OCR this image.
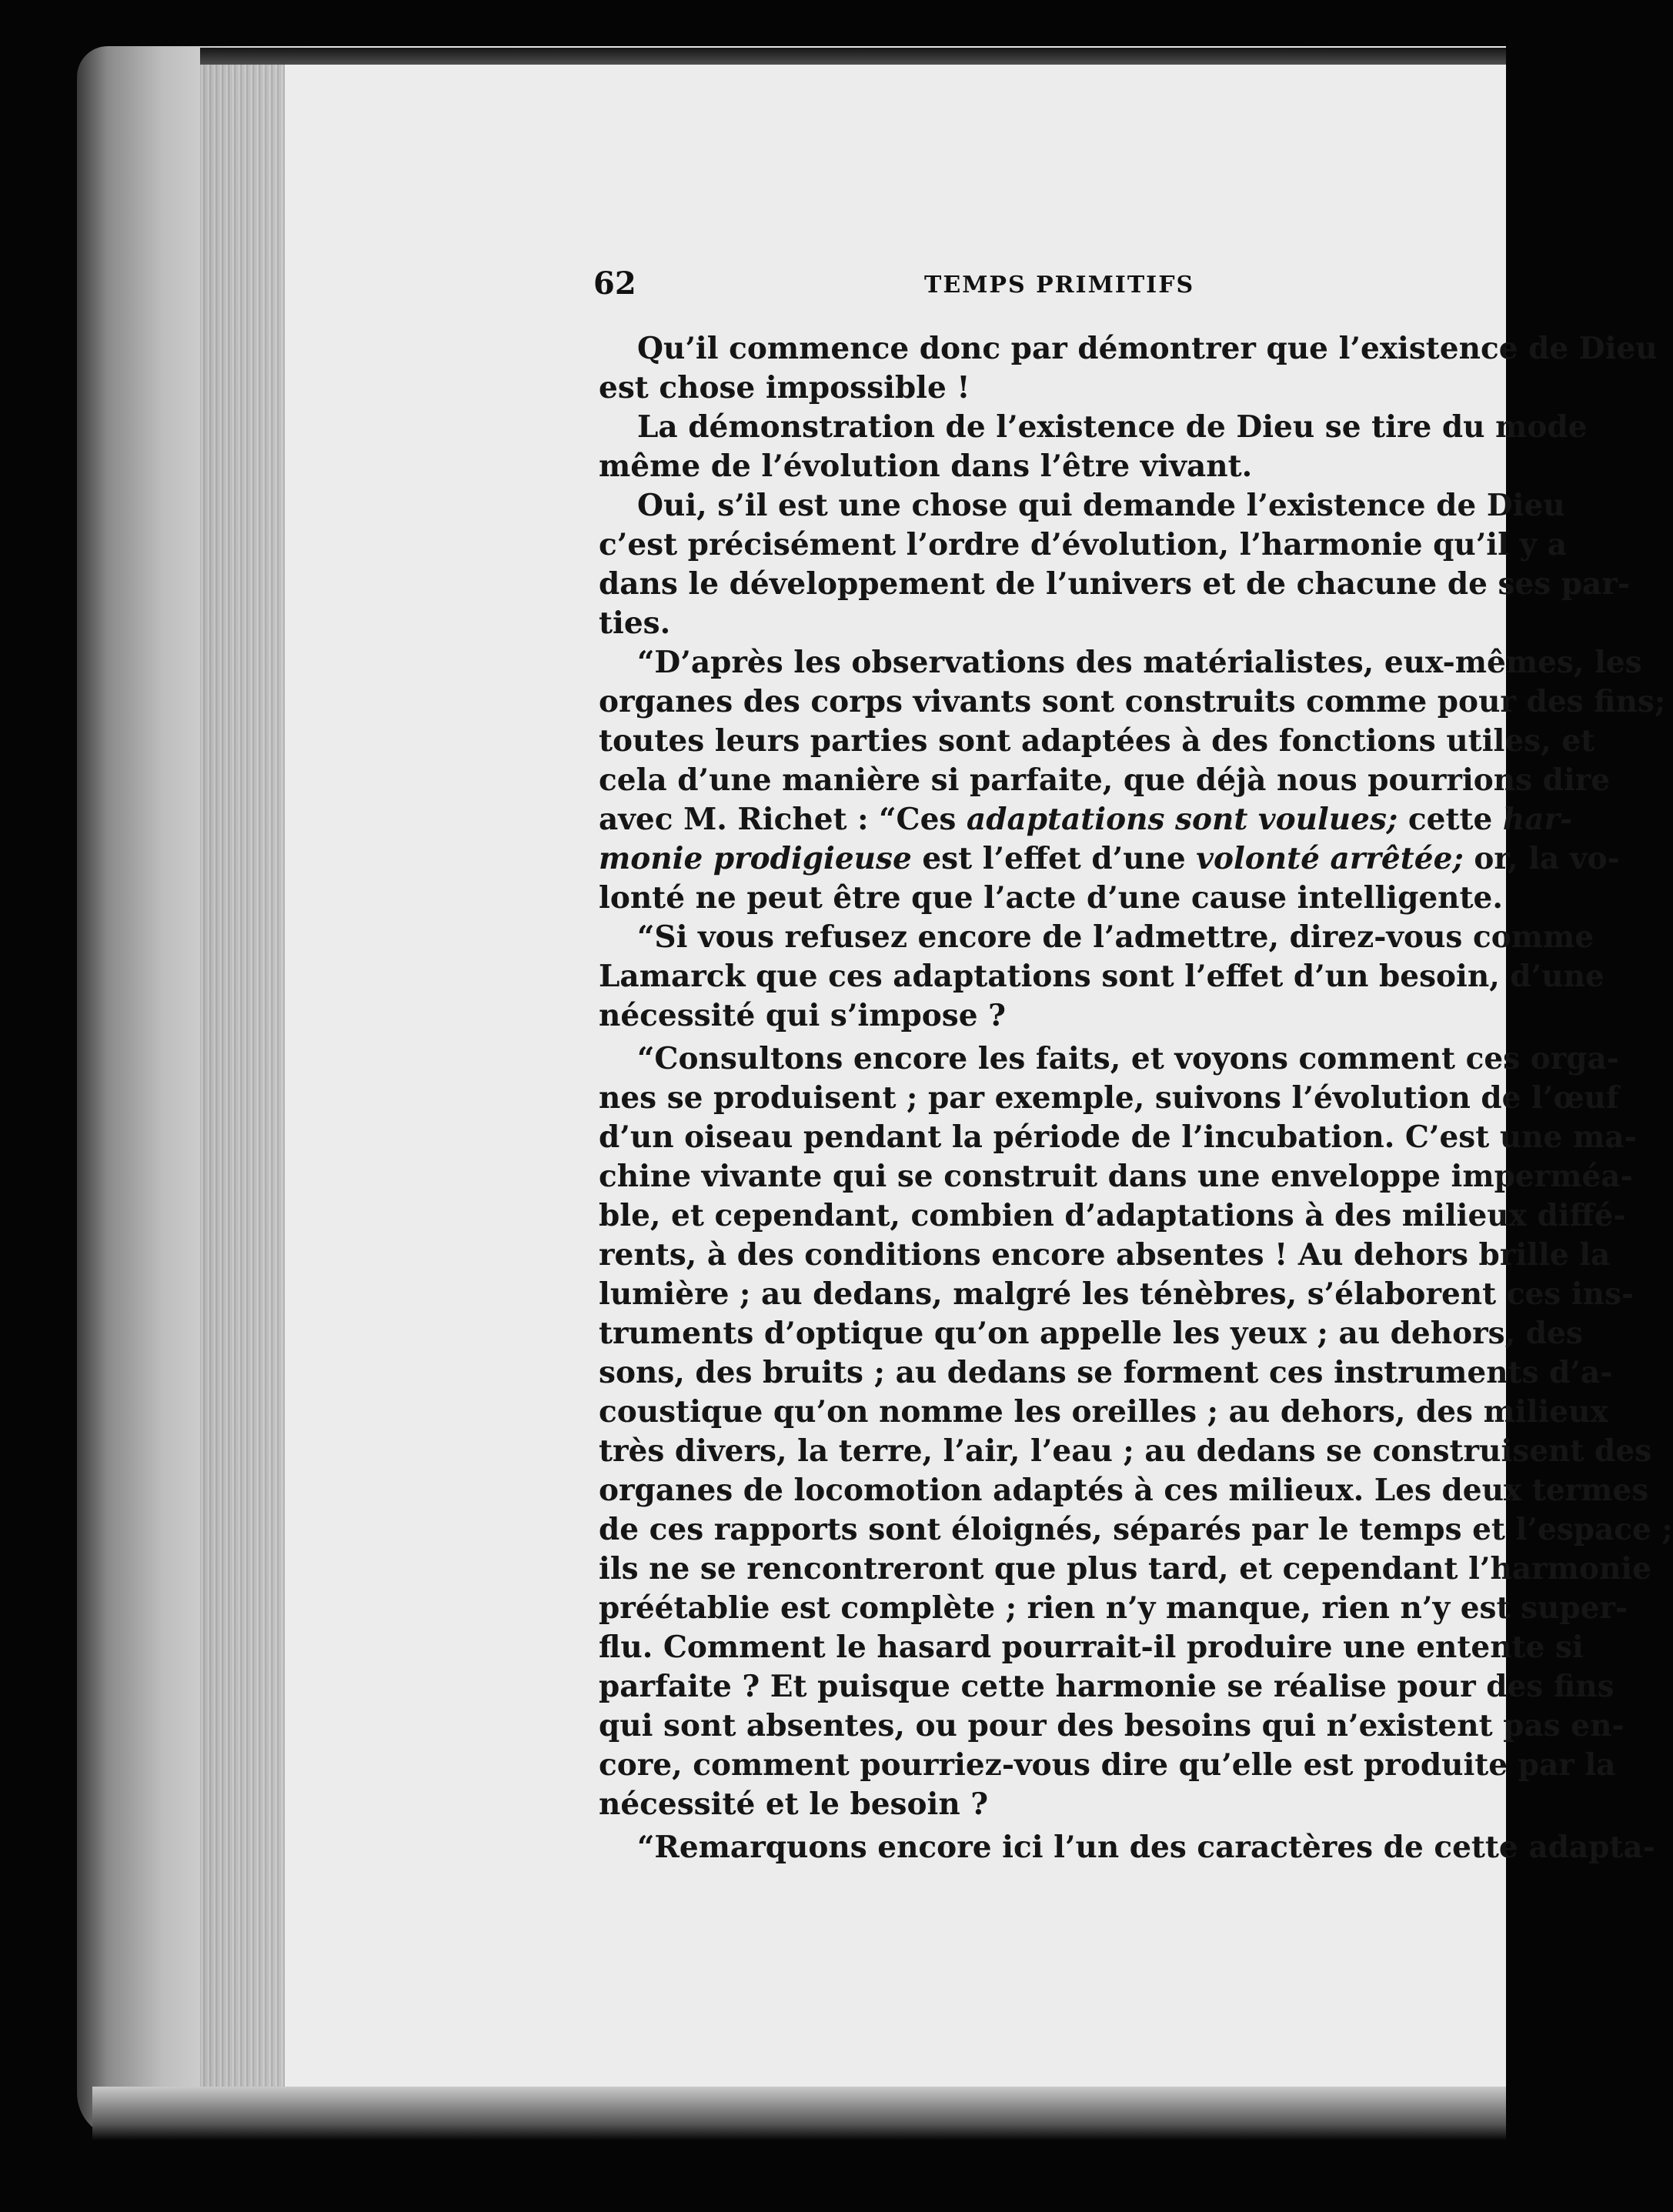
62	TEMPS PRIMITIFS
Qu’il commence donc par démontrer que l’existence de Dieu
est chose impossible !
La démonstration de l’existence de Dieu se tire du mode
même de l’évolution dans l’être vivant.
Oui, s’il est une chose qui demande l’existence de Dieu
c’est précisément l’ordre d’évolution, l’harmonie qu’il y a
dans le développement de l’univers et de chacune de ses par-
ties.
“D’après les observations des matérialistes, eux-mêmes, les
organes des corps vivants sont construits comme pour des fins;
toutes leurs parties sont adaptées à des fonctions utiles, et
cela d’une manière si parfaite, que déjà nous pourrions dire
avec M. Richet : “Ces adaptations sont voulues; cette har-
monie prodigieuse est l’effet d’une volonté arrêtée; or, la vo-
lonté ne peut être que l’acte d’une cause intelligente.
“Si vous refusez encore de l’admettre, direz-vous comme
Lamarck que ces adaptations sont l’effet d’un besoin, d’une
nécessité qui s’impose ?
“Consultons encore les faits, et voyons comment ces orga-
nes se produisent ; par exemple, suivons l’évolution de l’œuf
d’un oiseau pendant la période de l’incubation. C’est une ma-
chine vivante qui se construit dans une enveloppe imperméa-
ble, et cependant, combien d’adaptations à des milieux diffé-
rents, à des conditions encore absentes ! Au dehors brille la
lumière ; au dedans, malgré les ténèbres, s’élaborent ces ins-
truments d’optique qu’on appelle les yeux ; au dehors, des
sons, des bruits ; au dedans se forment ces instruments d’a-
coustique qu’on nomme les oreilles ; au dehors, des milieux
très divers, la terre, l’air, l’eau ; au dedans se construisent des
organes de locomotion adaptés à ces milieux. Les deux termes
de ces rapports sont éloignés, séparés par le temps et l’espace ;
ils ne se rencontreront que plus tard, et cependant l’harmonie
préétablie est complète ; rien n’y manque, rien n’y est super-
flu. Comment le hasard pourrait-il produire une entente si
parfaite ? Et puisque cette harmonie se réalise pour des fins
qui sont absentes, ou pour des besoins qui n’existent pas en-
core, comment pourriez-vous dire qu’elle est produite par la
nécessité et le besoin ?
“Remarquons encore ici l’un des caractères de cette adapta-
